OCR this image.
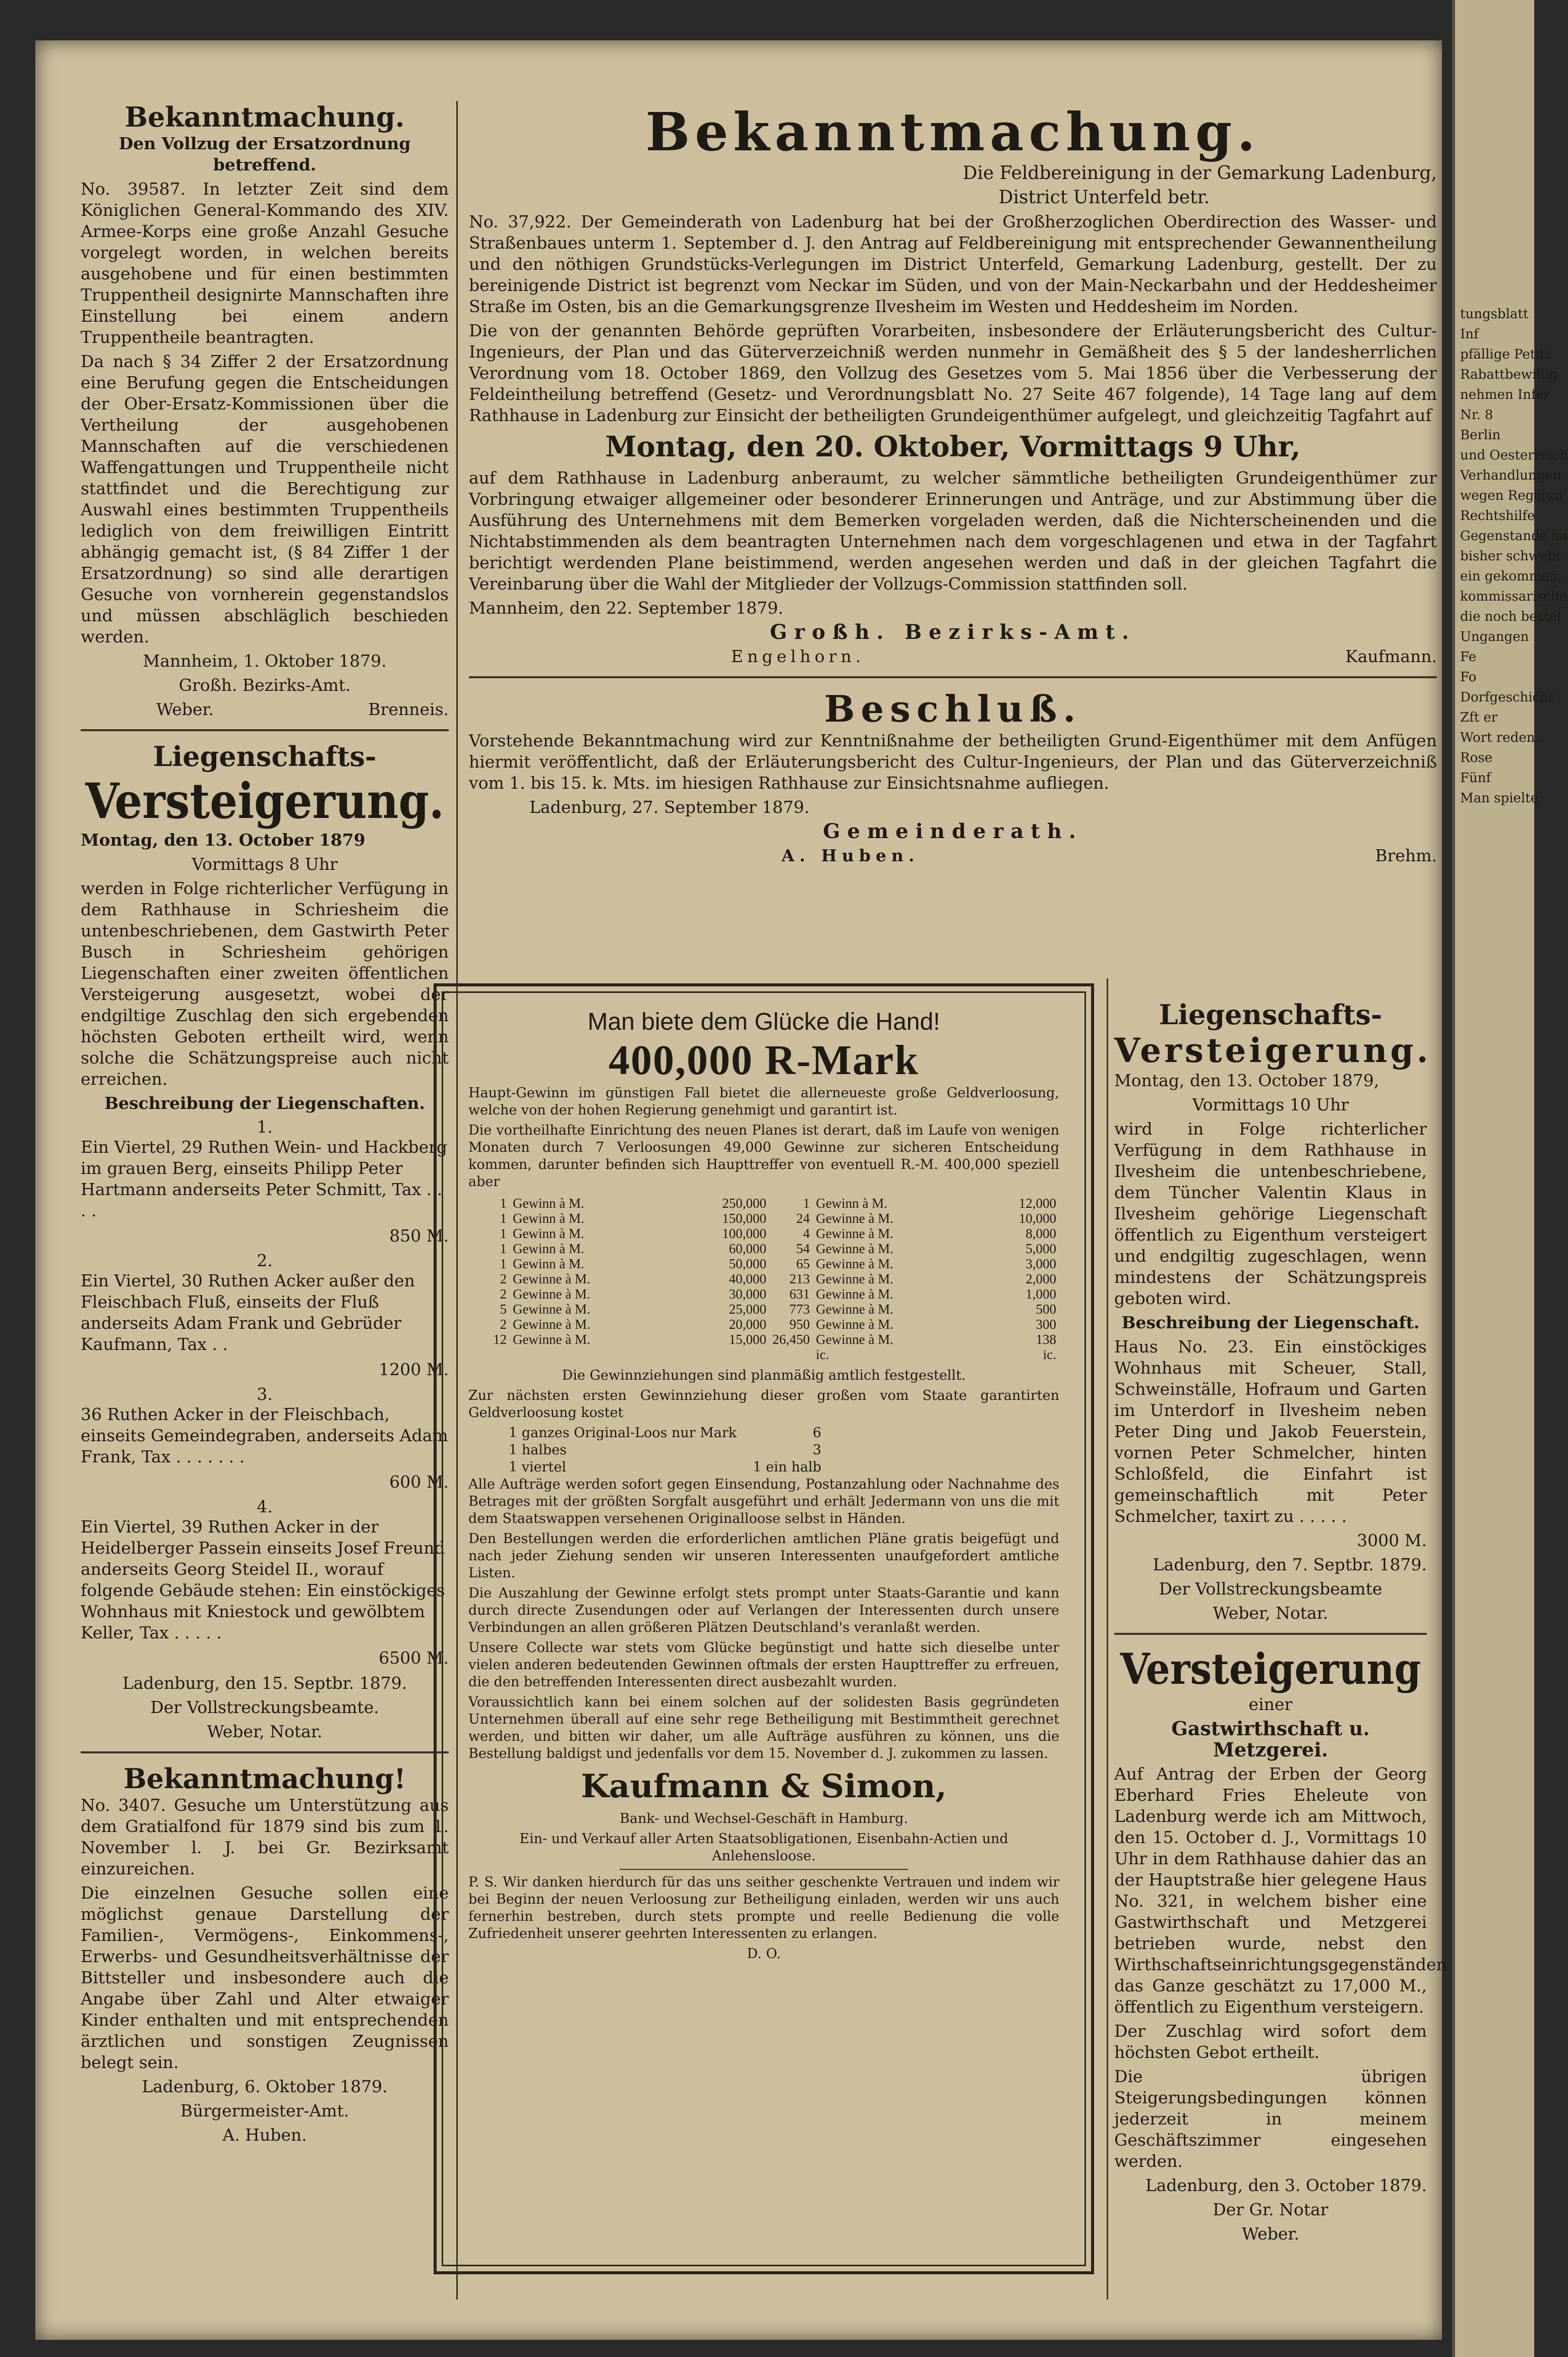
Bekanntmachung.

Den Vollzug der Ersatzordnung betreffend.

No. 39587. In letzter Zeit sind dem Königlichen General-Kommando des XIV. Armee-Korps eine große Anzahl Gesuche vorgelegt worden, in welchen bereits ausgehobene und für einen bestimmten Truppentheil designirte Mannschaften ihre Einstellung bei einem andern Truppentheile beantragten.

Da nach § 34 Ziffer 2 der Ersatzordnung eine Berufung gegen die Entscheidungen der Ober-Ersatz-Kommissionen über die Vertheilung der ausgehobenen Mannschaften auf die verschiedenen Waffengattungen und Truppentheile nicht stattfindet und die Berechtigung zur Auswahl eines bestimmten Truppentheils lediglich von dem freiwilligen Eintritt abhängig gemacht ist, (§ 84 Ziffer 1 der Ersatzordnung) so sind alle derartigen Gesuche von vornherein gegenstandslos und müssen abschläglich beschieden werden.

Mannheim, 1. Oktober 1879.

Großh. Bezirks-Amt.

Weber.	Brenneis.
Liegenschafts-
Versteigerung.

Montag, den 13. October 1879

Vormittags 8 Uhr

werden in Folge richterlicher Verfügung in dem Rathhause in Schriesheim die untenbeschriebenen, dem Gastwirth Peter Busch in Schriesheim gehörigen Liegenschaften einer zweiten öffentlichen Versteigerung ausgesetzt, wobei der endgiltige Zuschlag den sich ergebenden höchsten Geboten ertheilt wird, wenn solche die Schätzungspreise auch nicht erreichen.

Beschreibung der Liegenschaften.

1.
Ein Viertel, 29 Ruthen Wein- und Hackberg im grauen Berg, einseits Philipp Peter Hartmann anderseits Peter Schmitt, Tax . . . .
850 M.
2.
Ein Viertel, 30 Ruthen Acker außer den Fleischbach Fluß, einseits der Fluß anderseits Adam Frank und Gebrüder Kaufmann, Tax . .
1200 M.
3.
36 Ruthen Acker in der Fleischbach, einseits Gemeindegraben, anderseits Adam Frank, Tax . . . . . . .
600 M.
4.
Ein Viertel, 39 Ruthen Acker in der Heidelberger Passein einseits Josef Freund anderseits Georg Steidel II., worauf folgende Gebäude stehen: Ein einstöckiges Wohnhaus mit Kniestock und gewölbtem Keller, Tax . . . . .
6500 M.

Ladenburg, den 15. Septbr. 1879.

Der Vollstreckungsbeamte.

Weber, Notar.

Bekanntmachung!

No. 3407. Gesuche um Unterstützung aus dem Gratialfond für 1879 sind bis zum 1. November l. J. bei Gr. Bezirksamt einzureichen.

Die einzelnen Gesuche sollen eine möglichst genaue Darstellung der Familien-, Vermögens-, Einkommens-, Erwerbs- und Gesundheitsverhältnisse der Bittsteller und insbesondere auch die Angabe über Zahl und Alter etwaiger Kinder enthalten und mit entsprechenden ärztlichen und sonstigen Zeugnissen belegt sein.

Ladenburg, 6. Oktober 1879.

Bürgermeister-Amt.

A. Huben.

Bekanntmachung.

Die Feldbereinigung in der Gemarkung Ladenburg,

District Unterfeld betr.

No. 37,922. Der Gemeinderath von Ladenburg hat bei der Großherzoglichen Oberdirection des Wasser- und Straßenbaues unterm 1. September d. J. den Antrag auf Feldbereinigung mit entsprechender Gewannentheilung und den nöthigen Grundstücks-Verlegungen im District Unterfeld, Gemarkung Ladenburg, gestellt. Der zu bereinigende District ist begrenzt vom Neckar im Süden, und von der Main-Neckarbahn und der Heddesheimer Straße im Osten, bis an die Gemarkungsgrenze Ilvesheim im Westen und Heddesheim im Norden.

Die von der genannten Behörde geprüften Vorarbeiten, insbesondere der Erläuterungsbericht des Cultur-Ingenieurs, der Plan und das Güterverzeichniß werden nunmehr in Gemäßheit des § 5 der landesherrlichen Verordnung vom 18. October 1869, den Vollzug des Gesetzes vom 5. Mai 1856 über die Verbesserung der Feldeintheilung betreffend (Gesetz- und Verordnungsblatt No. 27 Seite 467 folgende), 14 Tage lang auf dem Rathhause in Ladenburg zur Einsicht der betheiligten Grundeigenthümer aufgelegt, und gleichzeitig Tagfahrt auf

Montag, den 20. Oktober, Vormittags 9 Uhr,

auf dem Rathhause in Ladenburg anberaumt, zu welcher sämmtliche betheiligten Grundeigenthümer zur Vorbringung etwaiger allgemeiner oder besonderer Erinnerungen und Anträge, und zur Abstimmung über die Ausführung des Unternehmens mit dem Bemerken vorgeladen werden, daß die Nichterscheinenden und die Nichtabstimmenden als dem beantragten Unternehmen nach dem vorgeschlagenen und etwa in der Tagfahrt berichtigt werdenden Plane beistimmend, werden angesehen werden und daß in der gleichen Tagfahrt die Vereinbarung über die Wahl der Mitglieder der Vollzugs-Commission stattfinden soll.

Mannheim, den 22. September 1879.

Großh. Bezirks-Amt.

Engelhorn.	Kaufmann.
Beschluß.

Vorstehende Bekanntmachung wird zur Kenntnißnahme der betheiligten Grund-Eigenthümer mit dem Anfügen hiermit veröffentlicht, daß der Erläuterungsbericht des Cultur-Ingenieurs, der Plan und das Güterverzeichniß vom 1. bis 15. k. Mts. im hiesigen Rathhause zur Einsichtsnahme aufliegen.

Ladenburg, 27. September 1879.

Gemeinderath.

A. Huben.	Brehm.
Man biete dem Glücke die Hand!
400,000 R-Mark

Haupt-Gewinn im günstigen Fall bietet die allerneueste große Geldverloosung, welche von der hohen Regierung genehmigt und garantirt ist.

Die vortheilhafte Einrichtung des neuen Planes ist derart, daß im Laufe von wenigen Monaten durch 7 Verloosungen 49,000 Gewinne zur sicheren Entscheidung kommen, darunter befinden sich Haupttreffer von eventuell R.-M. 400,000 speziell aber

1	Gewinn à M.	250,000	1	Gewinn à M.	12,000
1	Gewinn à M.	150,000	24	Gewinne à M.	10,000
1	Gewinn à M.	100,000	4	Gewinne à M.	8,000
1	Gewinn à M.	60,000	54	Gewinne à M.	5,000
1	Gewinn à M.	50,000	65	Gewinne à M.	3,000
2	Gewinne à M.	40,000	213	Gewinne à M.	2,000
2	Gewinne à M.	30,000	631	Gewinne à M.	1,000
5	Gewinne à M.	25,000	773	Gewinne à M.	500
2	Gewinne à M.	20,000	950	Gewinne à M.	300
12	Gewinne à M.	15,000	26,450	Gewinne à M.	138
				ic.	ic.

Die Gewinnziehungen sind planmäßig amtlich festgestellt.

Zur nächsten ersten Gewinnziehung dieser großen vom Staate garantirten Geldverloosung kostet

1 ganzes Original-Loos nur Mark	6
1 halbes	3
1 viertel	1 ein halb

Alle Aufträge werden sofort gegen Einsendung, Postanzahlung oder Nachnahme des Betrages mit der größten Sorgfalt ausgeführt und erhält Jedermann von uns die mit dem Staatswappen versehenen Originalloose selbst in Händen.

Den Bestellungen werden die erforderlichen amtlichen Pläne gratis beigefügt und nach jeder Ziehung senden wir unseren Interessenten unaufgefordert amtliche Listen.

Die Auszahlung der Gewinne erfolgt stets prompt unter Staats-Garantie und kann durch directe Zusendungen oder auf Verlangen der Interessenten durch unsere Verbindungen an allen größeren Plätzen Deutschland's veranlaßt werden.

Unsere Collecte war stets vom Glücke begünstigt und hatte sich dieselbe unter vielen anderen bedeutenden Gewinnen oftmals der ersten Haupttreffer zu erfreuen, die den betreffenden Interessenten direct ausbezahlt wurden.

Voraussichtlich kann bei einem solchen auf der solidesten Basis gegründeten Unternehmen überall auf eine sehr rege Betheiligung mit Bestimmtheit gerechnet werden, und bitten wir daher, um alle Aufträge ausführen zu können, uns die Bestellung baldigst und jedenfalls vor dem 15. November d. J. zukommen zu lassen.

Kaufmann & Simon,

Bank- und Wechsel-Geschäft in Hamburg.

Ein- und Verkauf aller Arten Staatsobligationen, Eisenbahn-Actien und Anlehensloose.

P. S. Wir danken hierdurch für das uns seither geschenkte Vertrauen und indem wir bei Beginn der neuen Verloosung zur Betheiligung einladen, werden wir uns auch fernerhin bestreben, durch stets prompte und reelle Bedienung die volle Zufriedenheit unserer geehrten Interessenten zu erlangen.

D. O.

Liegenschafts-
Versteigerung.

Montag, den 13. October 1879,

Vormittags 10 Uhr

wird in Folge richterlicher Verfügung in dem Rathhause in Ilvesheim die untenbeschriebene, dem Tüncher Valentin Klaus in Ilvesheim gehörige Liegenschaft öffentlich zu Eigenthum versteigert und endgiltig zugeschlagen, wenn mindestens der Schätzungspreis geboten wird.

Beschreibung der Liegenschaft.

Haus No. 23. Ein einstöckiges Wohnhaus mit Scheuer, Stall, Schweinställe, Hofraum und Garten im Unterdorf in Ilvesheim neben Peter Ding und Jakob Feuerstein, vornen Peter Schmelcher, hinten Schloßfeld, die Einfahrt ist gemeinschaftlich mit Peter Schmelcher, taxirt zu . . . . .

3000 M.

Ladenburg, den 7. Septbr. 1879.

Der Vollstreckungsbeamte

Weber, Notar.

Versteigerung

einer

Gastwirthschaft u. Metzgerei.

Auf Antrag der Erben der Georg Eberhard Fries Eheleute von Ladenburg werde ich am Mittwoch, den 15. October d. J., Vormittags 10 Uhr in dem Rathhause dahier das an der Hauptstraße hier gelegene Haus No. 321, in welchem bisher eine Gastwirthschaft und Metzgerei betrieben wurde, nebst den Wirthschaftseinrichtungsgegenständen das Ganze geschätzt zu 17,000 M., öffentlich zu Eigenthum versteigern.

Der Zuschlag wird sofort dem höchsten Gebot ertheilt.

Die übrigen Steigerungsbedingungen können jederzeit in meinem Geschäftszimmer eingesehen werden.

Ladenburg, den 3. October 1879.

Der Gr. Notar

Weber.

tungsblatt
Inf
pfällige Petitz
Rabattbewillig
nehmen Infer
Nr. 8
Berlin
und Oesterreich
Verhandlungen
wegen Regelun
Rechtshilfe
Gegenstande ha
bisher schwebt
ein gekommen,
kommissarische
die noch bestel
Ungangen
Fe
Fo
Dorfgeschicht
Zft er
Wort reden.
Rose
Fünf
Man spielte
